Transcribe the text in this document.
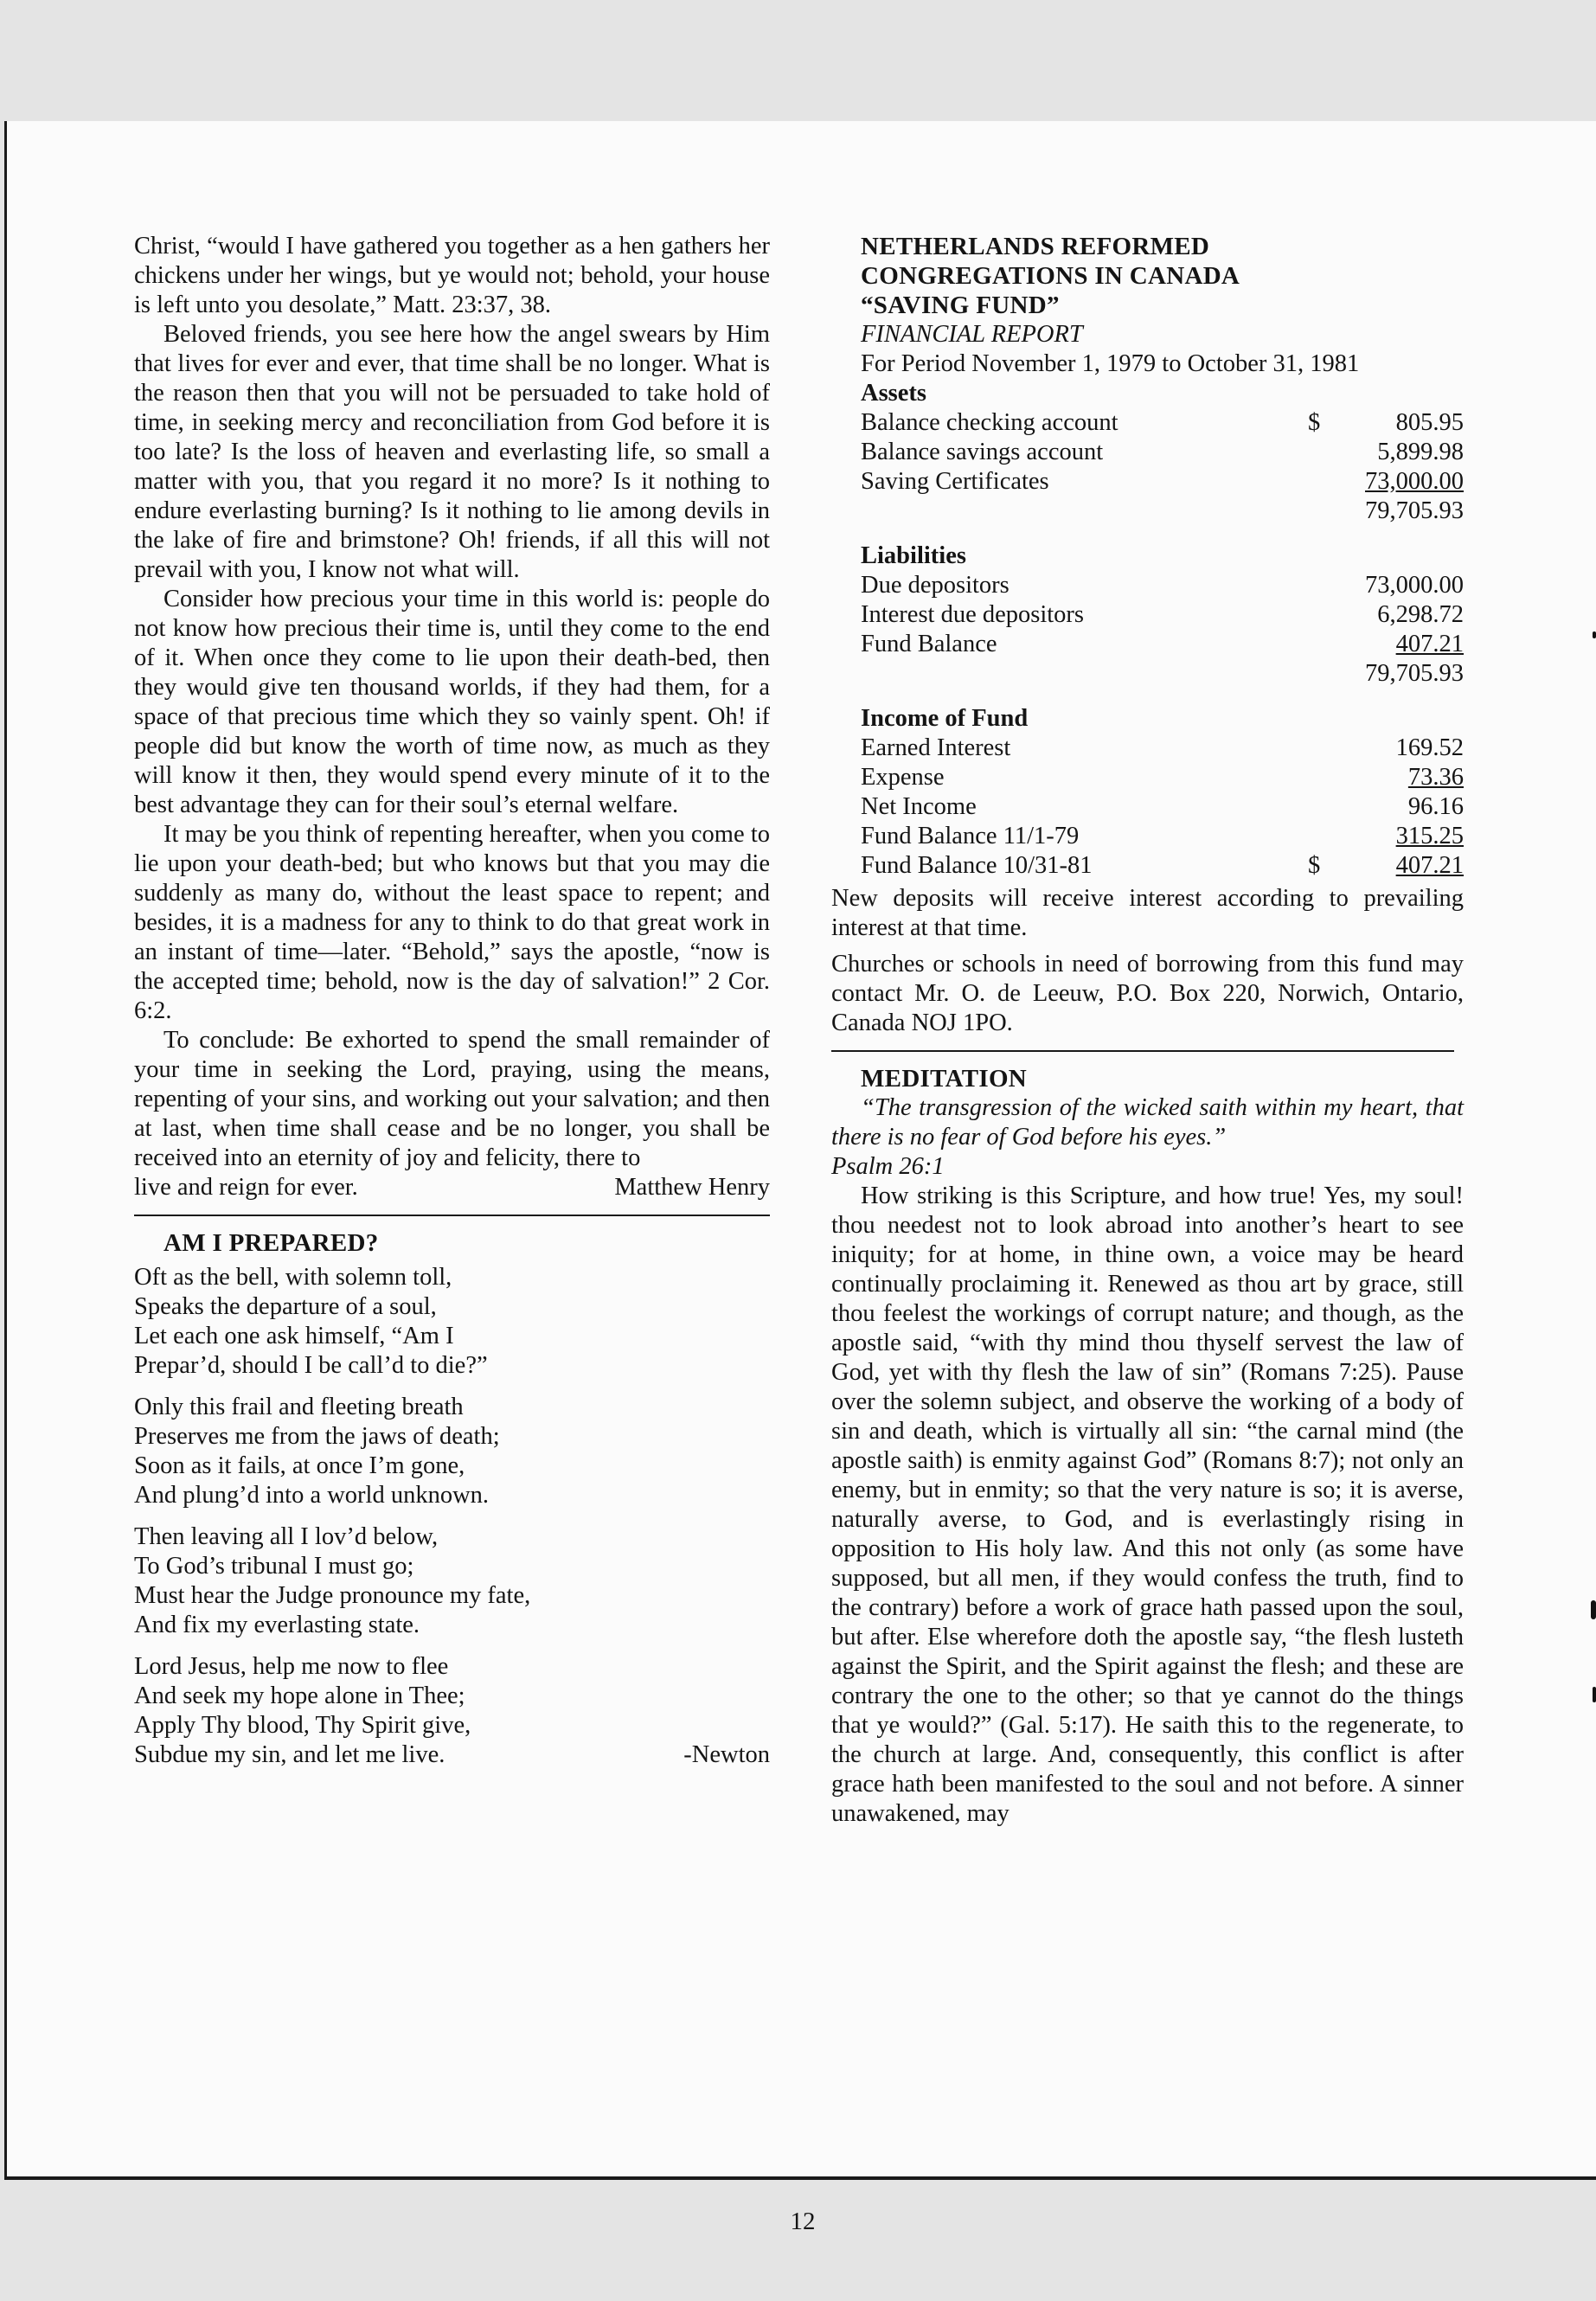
Christ, “would I have gathered you together as a hen gathers her chickens under her wings, but ye would not; behold, your house is left unto you desolate,” Matt. 23:37, 38.

Beloved friends, you see here how the angel swears by Him that lives for ever and ever, that time shall be no longer. What is the reason then that you will not be persuaded to take hold of time, in seeking mercy and reconciliation from God before it is too late? Is the loss of heaven and everlasting life, so small a matter with you, that you regard it no more? Is it nothing to endure everlasting burning? Is it nothing to lie among devils in the lake of fire and brimstone? Oh! friends, if all this will not prevail with you, I know not what will.

Consider how precious your time in this world is: people do not know how precious their time is, until they come to the end of it. When once they come to lie upon their death-bed, then they would give ten thousand worlds, if they had them, for a space of that precious time which they so vainly spent. Oh! if people did but know the worth of time now, as much as they will know it then, they would spend every minute of it to the best advantage they can for their soul’s eternal welfare.

It may be you think of repenting hereafter, when you come to lie upon your death-bed; but who knows but that you may die suddenly as many do, without the least space to repent; and besides, it is a madness for any to think to do that great work in an instant of time—later. “Behold,” says the apostle, “now is the accepted time; behold, now is the day of salvation!” 2 Cor. 6:2.

To conclude: Be exhorted to spend the small remainder of your time in seeking the Lord, praying, using the means, repenting of your sins, and working out your salvation; and then at last, when time shall cease and be no longer, you shall be received into an eternity of joy and felicity, there to

live and reign for ever.	Matthew Henry

AM I PREPARED?

Oft as the bell, with solemn toll,
Speaks the departure of a soul,
Let each one ask himself, “Am I
Prepar’d, should I be call’d to die?”
Only this frail and fleeting breath
Preserves me from the jaws of death;
Soon as it fails, at once I’m gone,
And plung’d into a world unknown.
Then leaving all I lov’d below,
To God’s tribunal I must go;
Must hear the Judge pronounce my fate,
And fix my everlasting state.
Lord Jesus, help me now to flee
And seek my hope alone in Thee;
Apply Thy blood, Thy Spirit give,
Subdue my sin, and let me live.	-Newton

NETHERLANDS REFORMED

CONGREGATIONS IN CANADA

“SAVING FUND”

FINANCIAL REPORT

For Period November 1, 1979 to October 31, 1981

Assets

Balance checking account	$	805.95
Balance savings account	5,899.98
Saving Certificates	73,000.00
79,705.93

Liabilities

Due depositors	73,000.00
Interest due depositors	6,298.72
Fund Balance	407.21
79,705.93

Income of Fund

Earned Interest	169.52
Expense	73.36
Net Income	96.16
Fund Balance 11/1-79	315.25
Fund Balance 10/31-81	$	407.21

New deposits will receive interest according to prevailing interest at that time.

Churches or schools in need of borrowing from this fund may contact Mr. O. de Leeuw, P.O. Box 220, Norwich, Ontario, Canada NOJ 1PO.

MEDITATION

“The transgression of the wicked saith within my heart, that there is no fear of God before his eyes.”

Psalm 26:1

How striking is this Scripture, and how true! Yes, my soul! thou needest not to look abroad into another’s heart to see iniquity; for at home, in thine own, a voice may be heard continually proclaiming it. Renewed as thou art by grace, still thou feelest the workings of corrupt nature; and though, as the apostle said, “with thy mind thou thyself servest the law of God, yet with thy flesh the law of sin” (Romans 7:25). Pause over the solemn subject, and observe the working of a body of sin and death, which is virtually all sin: “the carnal mind (the apostle saith) is enmity against God” (Romans 8:7); not only an enemy, but in enmity; so that the very nature is so; it is averse, naturally averse, to God, and is everlastingly rising in opposition to His holy law. And this not only (as some have supposed, but all men, if they would confess the truth, find to the contrary) before a work of grace hath passed upon the soul, but after. Else wherefore doth the apostle say, “the flesh lusteth against the Spirit, and the Spirit against the flesh; and these are contrary the one to the other; so that ye cannot do the things that ye would?” (Gal. 5:17). He saith this to the regenerate, to the church at large. And, consequently, this conflict is after grace hath been manifested to the soul and not before. A sinner unawakened, may

12
